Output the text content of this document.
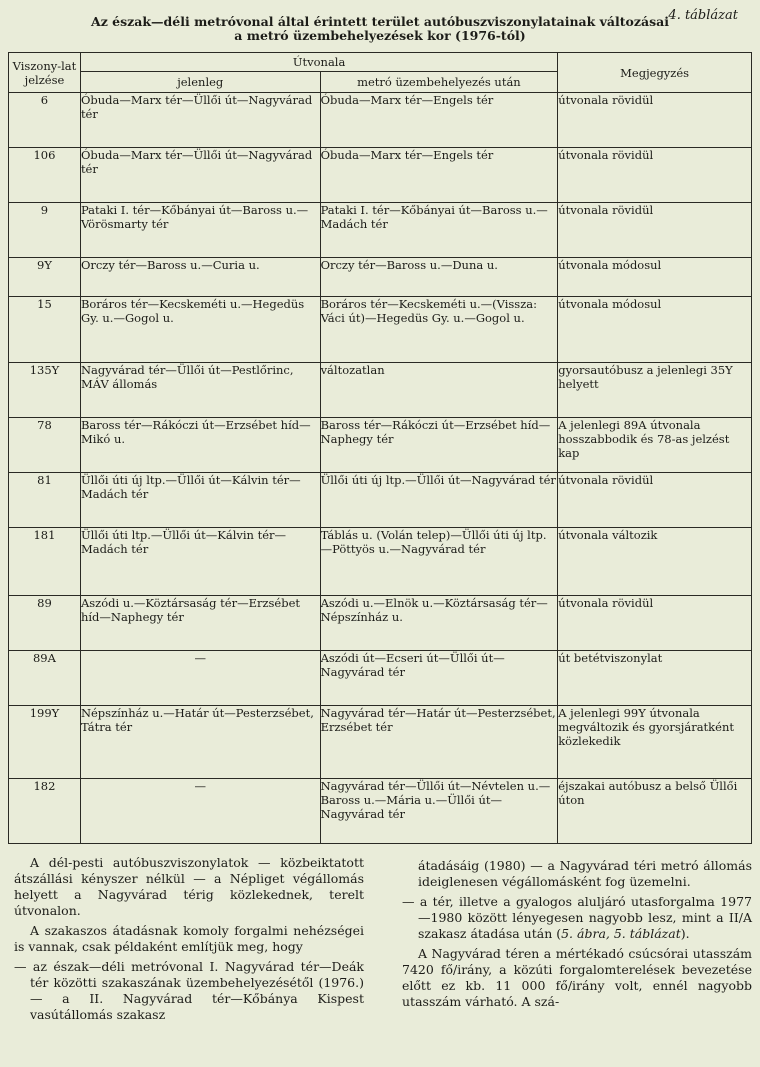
4. táblázat
Az észak—déli metróvonal által érintett terület autóbuszviszonylatainak változásai
a metró üzembehelyezések kor (1976-tól)
Viszony-lat jelzése	Útvonala		Megjegyzés
	jelenleg	metró üzembehelyezés után	
6	Óbuda—Marx tér—Üllői út—Nagyvárad tér	Óbuda—Marx tér—Engels tér	útvonala rövidül
106	Óbuda—Marx tér—Üllői út—Nagyvárad tér	Óbuda—Marx tér—Engels tér	útvonala rövidül
9	Pataki I. tér—Kőbányai út—Baross u.—Vörösmarty tér	Pataki I. tér—Kőbányai út—Baross u.—Madách tér	útvonala rövidül
9Y	Orczy tér—Baross u.—Curia u.	Orczy tér—Baross u.—Duna u.	útvonala módosul
15	Boráros tér—Kecskeméti u.—Hegedüs Gy. u.—Gogol u.	Boráros tér—Kecskeméti u.—(Vissza: Váci út)—Hegedüs Gy. u.—Gogol u.	útvonala módosul
135Y	Nagyvárad tér—Üllői út—Pestlőrinc, MÁV állomás	változatlan	gyorsautóbusz a jelenlegi 35Y helyett
78	Baross tér—Rákóczi út—Erzsébet híd—Mikó u.	Baross tér—Rákóczi út—Erzsébet híd—Naphegy tér	A jelenlegi 89A útvonala hosszabbodik és 78-as jelzést kap
81	Üllői úti új ltp.—Üllői út—Kálvin tér—Madách tér	Üllői úti új ltp.—Üllői út—Nagyvárad tér	útvonala rövidül
181	Üllői úti ltp.—Üllői út—Kálvin tér—Madách tér	Táblás u. (Volán telep)—Üllői úti új ltp.—Pöttyös u.—Nagyvárad tér	útvonala változik
89	Aszódi u.—Köztársaság tér—Erzsébet híd—Naphegy tér	Aszódi u.—Elnök u.—Köztársaság tér—Népszínház u.	útvonala rövidül
89A	—	Aszódi út—Ecseri út—Üllői út—Nagyvárad tér	út betétviszonylat
199Y	Népszínház u.—Határ út—Pesterzsébet, Tátra tér	Nagyvárad tér—Határ út—Pesterzsébet, Erzsébet tér	A jelenlegi 99Y útvonala megváltozik és gyorsjáratként közlekedik
182	—	Nagyvárad tér—Üllői út—Névtelen u.—Baross u.—Mária u.—Üllői út—Nagyvárad tér	éjszakai autóbusz a belső Üllői úton

A dél-pesti autóbuszviszonylatok — közbeiktatott átszállási kényszer nélkül — a Népliget végállomás helyett a Nagyvárad térig közlekednek, terelt útvonalon.

A szakaszos átadásnak komoly forgalmi nehézségei is vannak, csak példaként említjük meg, hogy

— az észak—déli metróvonal I. Nagyvárad tér—Deák tér közötti szakaszának üzembehelyezésétől (1976.) — a II. Nagyvárad tér—Kőbánya Kispest vasútállomás szakasz

átadásáig (1980) — a Nagyvárad téri metró állomás ideiglenesen végállomásként fog üzemelni.

— a tér, illetve a gyalogos aluljáró utasforgalma 1977—1980 között lényegesen nagyobb lesz, mint a II/A szakasz átadása után (5. ábra, 5. táblázat).

A Nagyvárad téren a mértékadó csúcsórai utasszám 7420 fő/irány, a közúti forgalomterelések bevezetése előtt ez kb. 11 000 fő/irány volt, ennél nagyobb utasszám várható. A szá-
